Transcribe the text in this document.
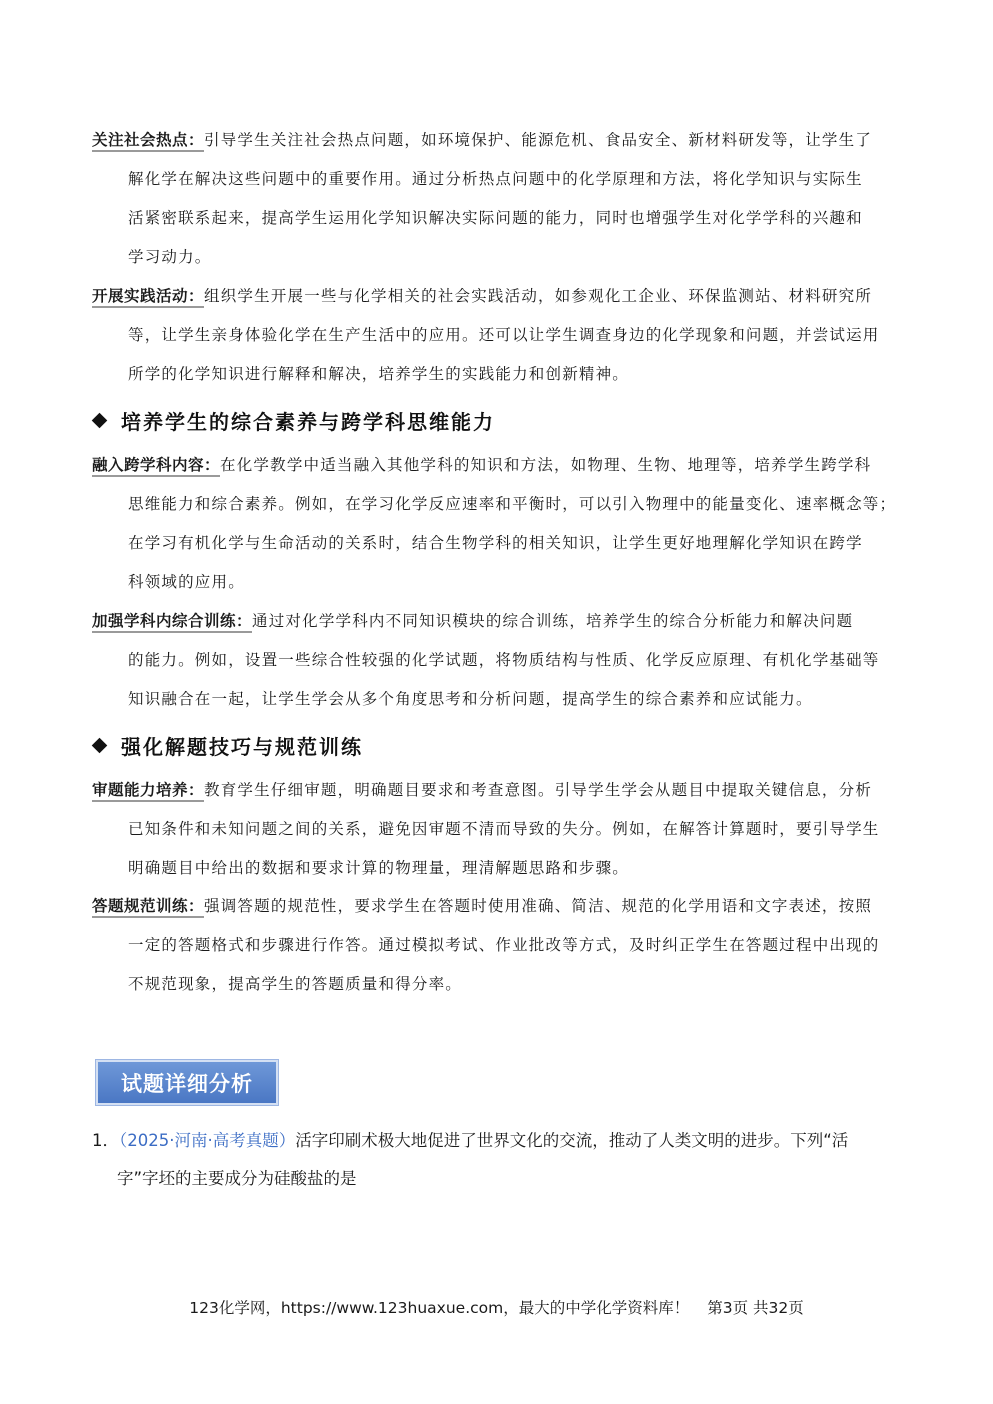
关注社会热点：引导学生关注社会热点问题，如环境保护、能源危机、食品安全、新材料研发等，让学生了
解化学在解决这些问题中的重要作用。通过分析热点问题中的化学原理和方法，将化学知识与实际生
活紧密联系起来，提高学生运用化学知识解决实际问题的能力，同时也增强学生对化学学科的兴趣和
学习动力。
开展实践活动：组织学生开展一些与化学相关的社会实践活动，如参观化工企业、环保监测站、材料研究所
等，让学生亲身体验化学在生产生活中的应用。还可以让学生调查身边的化学现象和问题，并尝试运用
所学的化学知识进行解释和解决，培养学生的实践能力和创新精神。
培养学生的综合素养与跨学科思维能力
融入跨学科内容：在化学教学中适当融入其他学科的知识和方法，如物理、生物、地理等，培养学生跨学科
思维能力和综合素养。例如，在学习化学反应速率和平衡时，可以引入物理中的能量变化、速率概念等；
在学习有机化学与生命活动的关系时，结合生物学科的相关知识，让学生更好地理解化学知识在跨学
科领域的应用。
加强学科内综合训练：通过对化学学科内不同知识模块的综合训练，培养学生的综合分析能力和解决问题
的能力。例如，设置一些综合性较强的化学试题，将物质结构与性质、化学反应原理、有机化学基础等
知识融合在一起，让学生学会从多个角度思考和分析问题，提高学生的综合素养和应试能力。
强化解题技巧与规范训练
审题能力培养：教育学生仔细审题，明确题目要求和考查意图。引导学生学会从题目中提取关键信息，分析
已知条件和未知问题之间的关系，避免因审题不清而导致的失分。例如，在解答计算题时，要引导学生
明确题目中给出的数据和要求计算的物理量，理清解题思路和步骤。
答题规范训练：强调答题的规范性，要求学生在答题时使用准确、简洁、规范的化学用语和文字表述，按照
一定的答题格式和步骤进行作答。通过模拟考试、作业批改等方式，及时纠正学生在答题过程中出现的
不规范现象，提高学生的答题质量和得分率。
试题详细分析
1．（2025·河南·高考真题）活字印刷术极大地促进了世界文化的交流，推动了人类文明的进步。下列“活
字”字坯的主要成分为硅酸盐的是
123化学网，https://www.123huaxue.com，最大的中学化学资料库！ 第3页 共32页
